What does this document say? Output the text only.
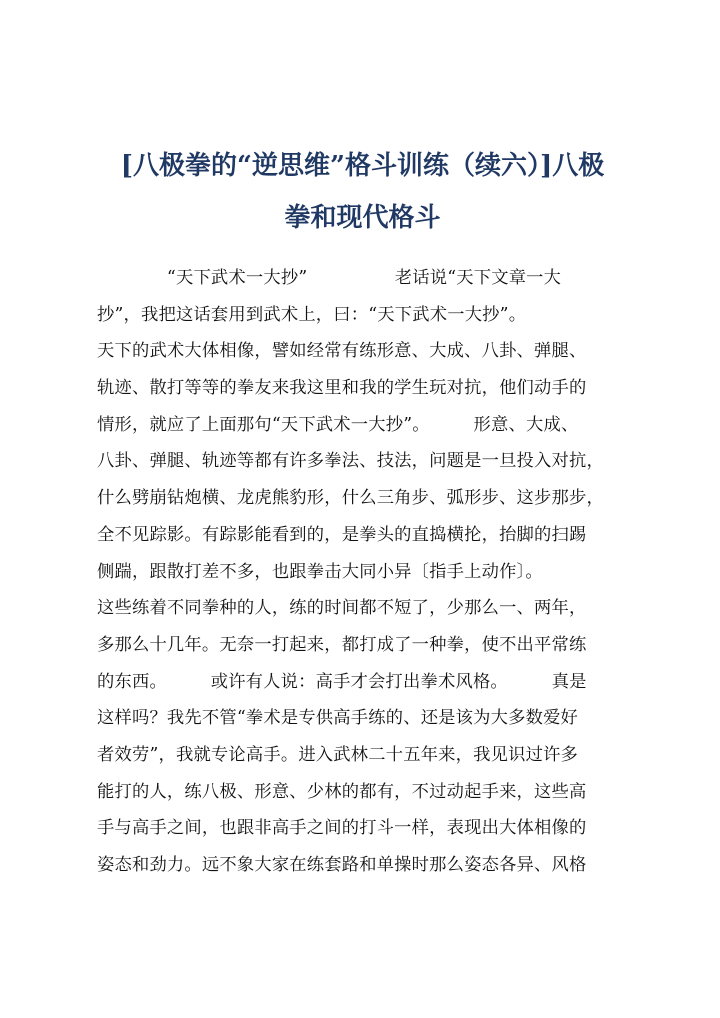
[八极拳的“逆思维”格斗训练（续六）]八极
拳和现代格斗
　　　　“天下武术一大抄”　　　　　老话说“天下文章一大
抄”，我把这话套用到武术上，曰：“天下武术一大抄”。
天下的武术大体相像，譬如经常有练形意、大成、八卦、弹腿、
轨迹、散打等等的拳友来我这里和我的学生玩对抗，他们动手的
情形，就应了上面那句“天下武术一大抄”。　　　形意、大成、
八卦、弹腿、轨迹等都有许多拳法、技法，问题是一旦投入对抗，
什么劈崩钻炮横、龙虎熊豹形，什么三角步、弧形步、这步那步，
全不见踪影。有踪影能看到的，是拳头的直捣横抡，抬脚的扫踢
侧踹，跟散打差不多，也跟拳击大同小异〔指手上动作〕。
这些练着不同拳种的人，练的时间都不短了，少那么一、两年，
多那么十几年。无奈一打起来，都打成了一种拳，使不出平常练
的东西。　　　或许有人说：高手才会打出拳术风格。　　　真是
这样吗？我先不管“拳术是专供高手练的、还是该为大多数爱好
者效劳”，我就专论高手。进入武林二十五年来，我见识过许多
能打的人，练八极、形意、少林的都有，不过动起手来，这些高
手与高手之间，也跟非高手之间的打斗一样，表现出大体相像的
姿态和劲力。远不象大家在练套路和单操时那么姿态各异、风格
